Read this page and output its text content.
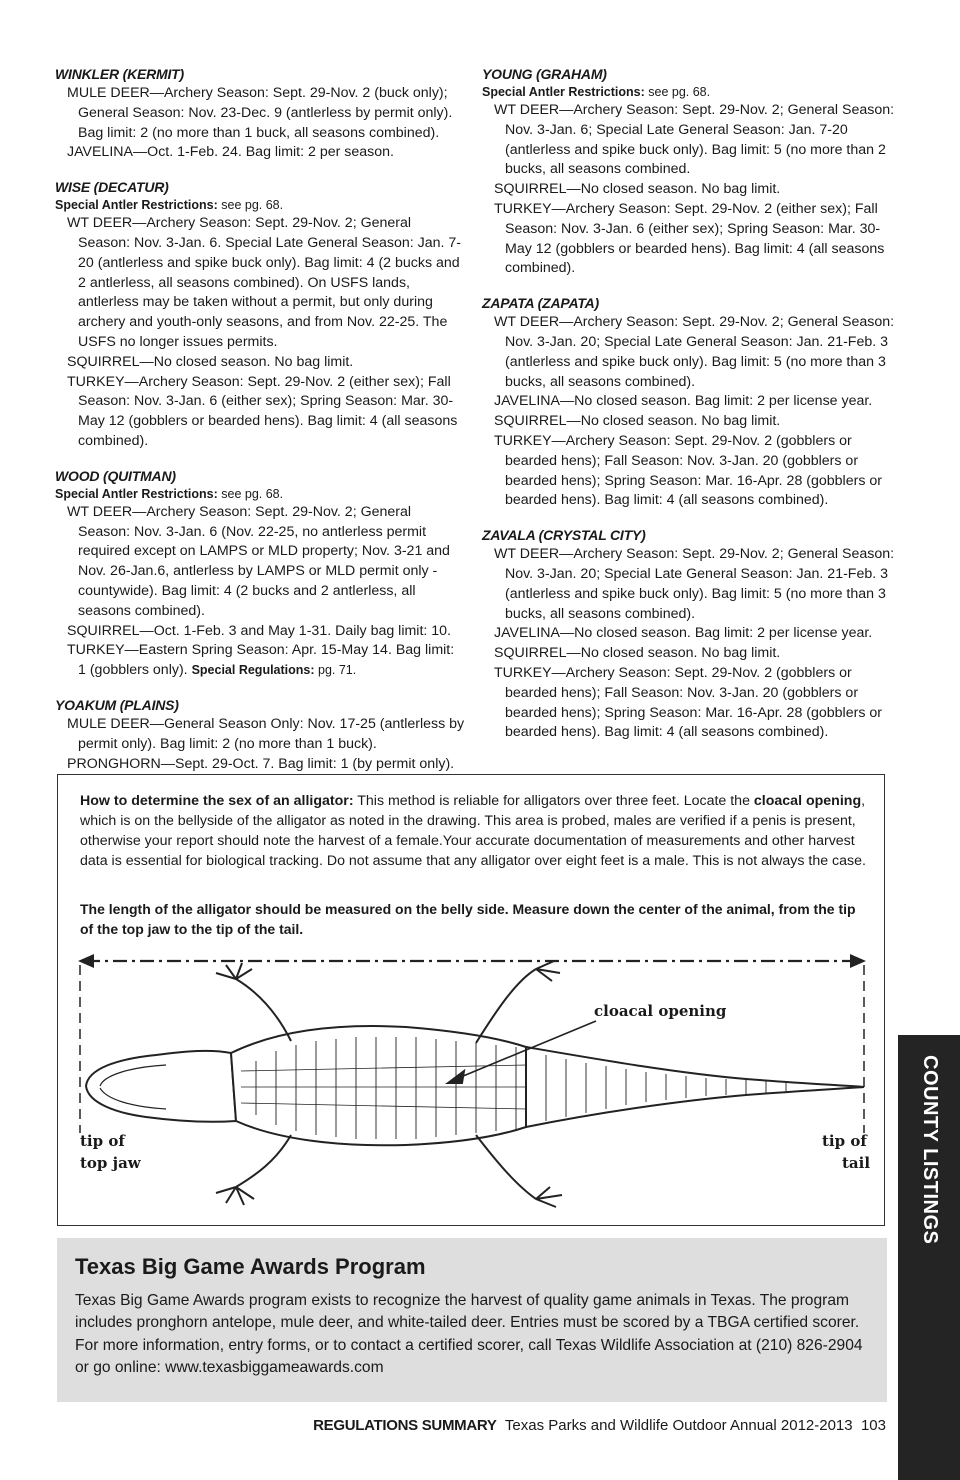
WINKLER (KERMIT)

MULE DEER—Archery Season: Sept. 29-Nov. 2 (buck only); General Season: Nov. 23-Dec. 9 (antlerless by permit only). Bag limit: 2 (no more than 1 buck, all seasons combined).
JAVELINA—Oct. 1-Feb. 24. Bag limit: 2 per season.

WISE (DECATUR)

Special Antler Restrictions: see pg. 68.
WT DEER—Archery Season: Sept. 29-Nov. 2; General Season: Nov. 3-Jan. 6. Special Late General Season: Jan. 7-20 (antlerless and spike buck only). Bag limit: 4 (2 bucks and 2 antlerless, all seasons combined). On USFS lands, antlerless may be taken without a permit, but only during archery and youth-only seasons, and from Nov. 22-25. The USFS no longer issues permits.
SQUIRREL—No closed season. No bag limit.
TURKEY—Archery Season: Sept. 29-Nov. 2 (either sex); Fall Season: Nov. 3-Jan. 6 (either sex); Spring Season: Mar. 30-May 12 (gobblers or bearded hens). Bag limit: 4 (all seasons combined).

WOOD (QUITMAN)

Special Antler Restrictions: see pg. 68.
WT DEER—Archery Season: Sept. 29-Nov. 2; General Season: Nov. 3-Jan. 6 (Nov. 22-25, no antlerless permit required except on LAMPS or MLD property; Nov. 3-21 and Nov. 26-Jan.6, antlerless by LAMPS or MLD permit only - countywide). Bag limit: 4 (2 bucks and 2 antlerless, all seasons combined).
SQUIRREL—Oct. 1-Feb. 3 and May 1-31. Daily bag limit: 10.
TURKEY—Eastern Spring Season: Apr. 15-May 14. Bag limit: 1 (gobblers only). Special Regulations: pg. 71.

YOAKUM (PLAINS)

MULE DEER—General Season Only: Nov. 17-25 (antlerless by permit only). Bag limit: 2 (no more than 1 buck).
PRONGHORN—Sept. 29-Oct. 7. Bag limit: 1 (by permit only).

YOUNG (GRAHAM)

Special Antler Restrictions: see pg. 68.
WT DEER—Archery Season: Sept. 29-Nov. 2; General Season: Nov. 3-Jan. 6; Special Late General Season: Jan. 7-20 (antlerless and spike buck only). Bag limit: 5 (no more than 2 bucks, all seasons combined.
SQUIRREL—No closed season. No bag limit.
TURKEY—Archery Season: Sept. 29-Nov. 2 (either sex); Fall Season: Nov. 3-Jan. 6 (either sex); Spring Season: Mar. 30-May 12 (gobblers or bearded hens). Bag limit: 4 (all seasons combined).

ZAPATA (ZAPATA)

WT DEER—Archery Season: Sept. 29-Nov. 2; General Season: Nov. 3-Jan. 20; Special Late General Season: Jan. 21-Feb. 3 (antlerless and spike buck only). Bag limit: 5 (no more than 3 bucks, all seasons combined).
JAVELINA—No closed season. Bag limit: 2 per license year.
SQUIRREL—No closed season. No bag limit.
TURKEY—Archery Season: Sept. 29-Nov. 2 (gobblers or bearded hens); Fall Season: Nov. 3-Jan. 20 (gobblers or bearded hens); Spring Season: Mar. 16-Apr. 28 (gobblers or bearded hens). Bag limit: 4 (all seasons combined).

ZAVALA (CRYSTAL CITY)

WT DEER—Archery Season: Sept. 29-Nov. 2; General Season: Nov. 3-Jan. 20; Special Late General Season: Jan. 21-Feb. 3 (antlerless and spike buck only). Bag limit: 5 (no more than 3 bucks, all seasons combined).
JAVELINA—No closed season. Bag limit: 2 per license year.
SQUIRREL—No closed season. No bag limit.
TURKEY—Archery Season: Sept. 29-Nov. 2 (gobblers or bearded hens); Fall Season: Nov. 3-Jan. 20 (gobblers or bearded hens); Spring Season: Mar. 16-Apr. 28 (gobblers or bearded hens). Bag limit: 4 (all seasons combined).
How to determine the sex of an alligator: This method is reliable for alligators over three feet. Locate the cloacal opening, which is on the bellyside of the alligator as noted in the drawing. This area is probed, males are verified if a penis is present, otherwise your report should note the harvest of a female.Your accurate documentation of measurements and other harvest data is essential for biological tracking. Do not assume that any alligator over eight feet is a male. This is not always the case.
The length of the alligator should be measured on the belly side. Measure down the center of the animal, from the tip of the top jaw to the tip of the tail.
cloacal opening
tip of
top jaw
tip of
tail
Texas Big Game Awards Program

Texas Big Game Awards program exists to recognize the harvest of quality game animals in Texas. The program includes pronghorn antelope, mule deer, and white-tailed deer. Entries must be scored by a TBGA certified scorer. For more information, entry forms, or to contact a certified scorer, call Texas Wildlife Association at (210) 826-2904 or go online: www.texasbiggameawards.com

REGULATIONS SUMMARY Texas Parks and Wildlife Outdoor Annual 2012-2013 103
COUNTY LISTINGS
